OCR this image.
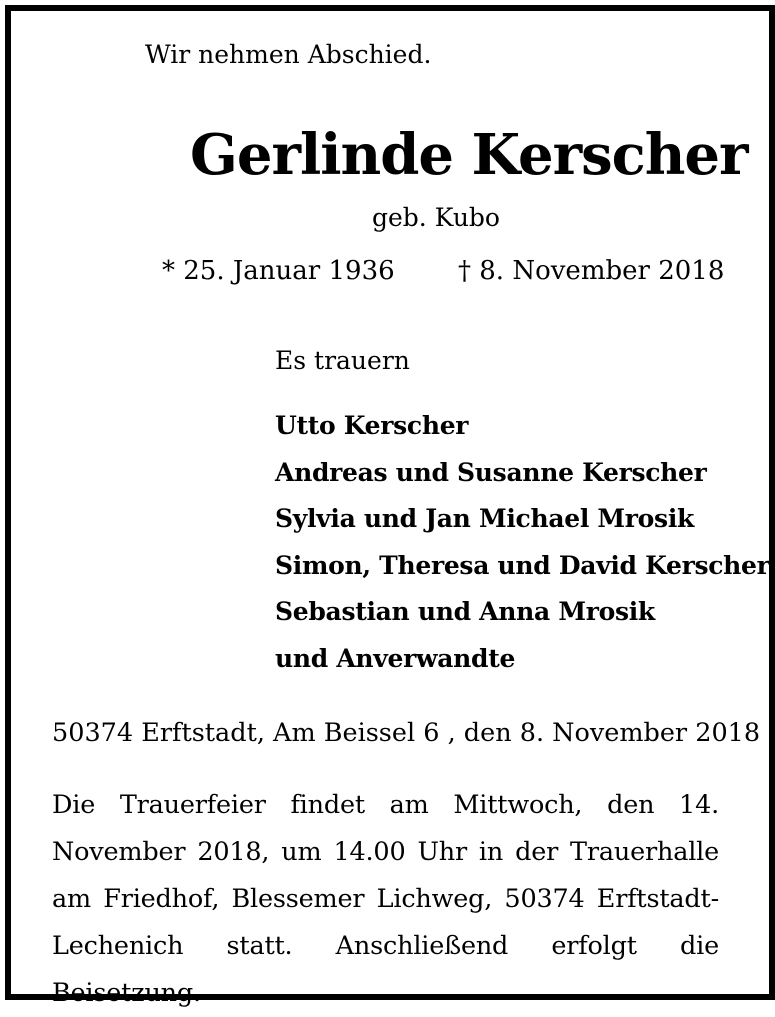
Wir nehmen Abschied.
Gerlinde Kerscher
geb. Kubo
* 25. Januar 1936 † 8. November 2018
Es trauern
Utto Kerscher
Andreas und Susanne Kerscher
Sylvia und Jan Michael Mrosik
Simon, Theresa und David Kerscher
Sebastian und Anna Mrosik
und Anverwandte
50374 Erftstadt, Am Beissel 6 , den 8. November 2018

Die Trauerfeier findet am Mittwoch, den 14. November 2018, um 14.00 Uhr in der Trauerhalle am Friedhof, Blessemer Lichweg, 50374 Erftstadt-Lechenich statt. Anschließend erfolgt die Beisetzung.
